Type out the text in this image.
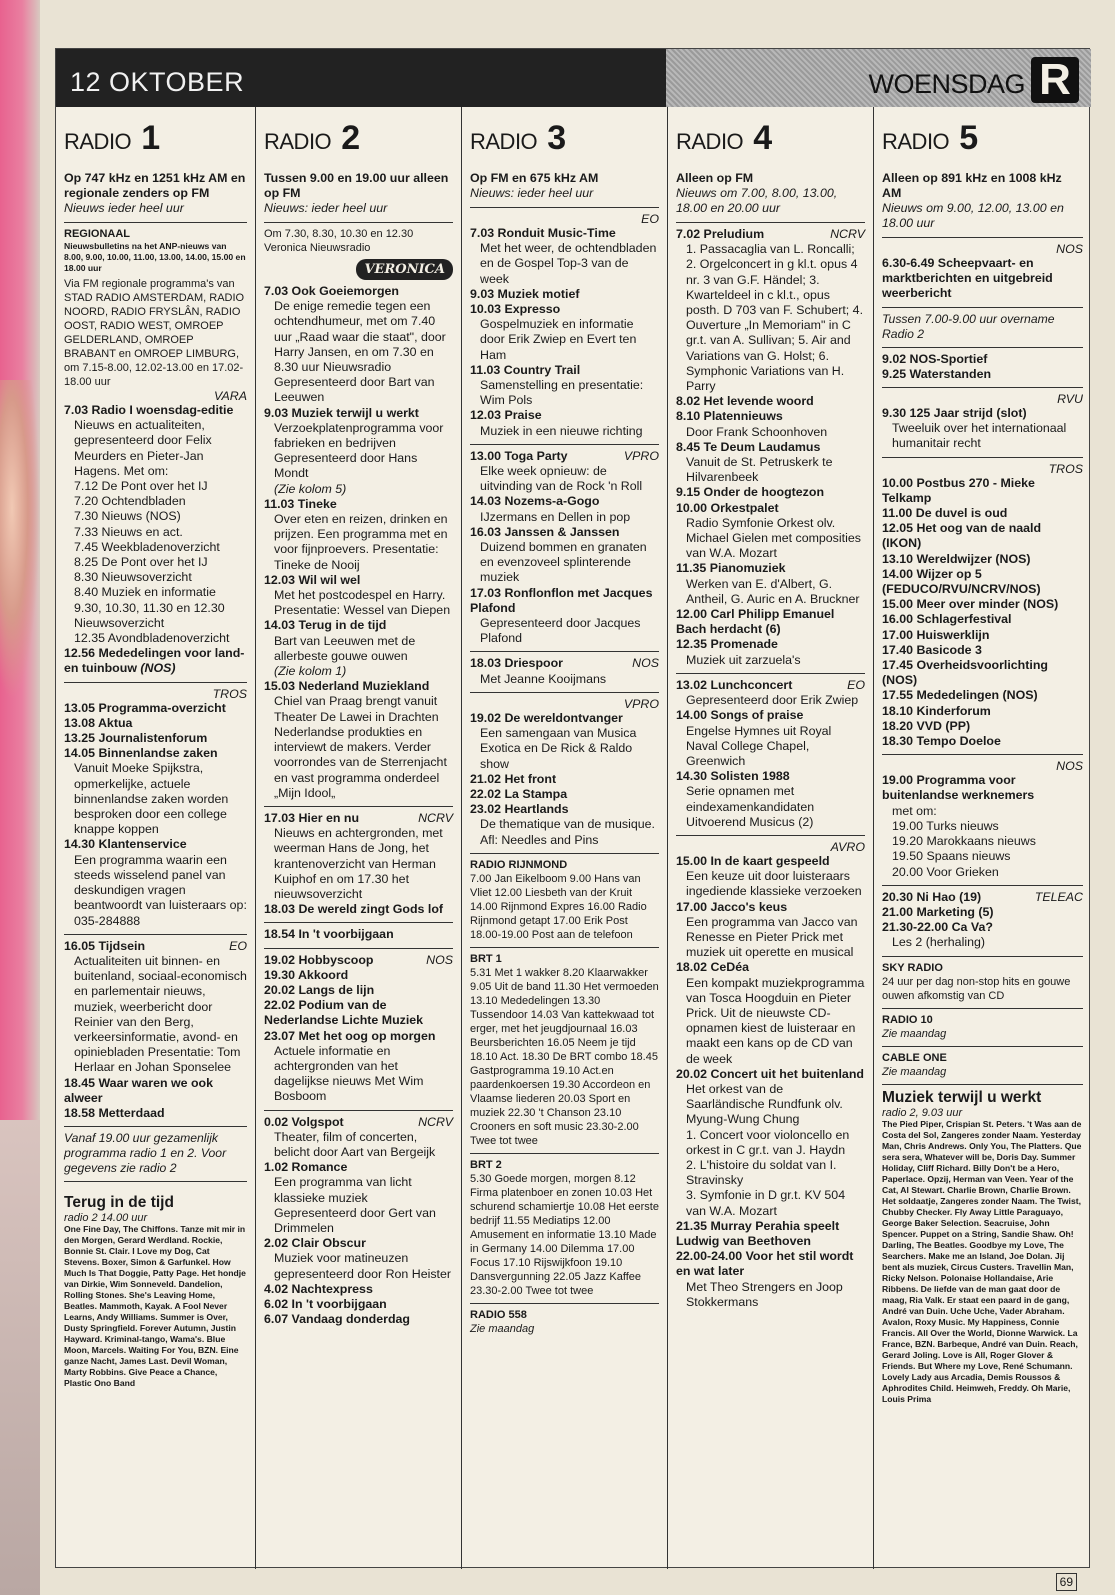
12 OKTOBER	WOENSDAG R
RADIO 1
Op 747 kHz en 1251 kHz AM en regionale zenders op FM
Nieuws ieder heel uur
REGIONAAL
Nieuwsbulletins na het ANP-nieuws van 8.00, 9.00, 10.00, 11.00, 13.00, 14.00, 15.00 en 18.00 uur
Via FM regionale programma's van STAD RADIO AMSTERDAM, RADIO NOORD, RADIO FRYSLÂN, RADIO OOST, RADIO WEST, OMROEP GELDERLAND, OMROEP BRABANT en OMROEP LIMBURG, om 7.15-8.00, 12.02-13.00 en 17.02-18.00 uur
VARA
7.03 Radio I woensdag-editie
Nieuws en actualiteiten, gepresenteerd door Felix Meurders en Pieter-Jan Hagens. Met om:
7.12 De Pont over het IJ
7.20 Ochtendbladen
7.30 Nieuws (NOS)
7.33 Nieuws en act.
7.45 Weekbladenoverzicht
8.25 De Pont over het IJ
8.30 Nieuwsoverzicht
8.40 Muziek en informatie
9.30, 10.30, 11.30 en 12.30 Nieuwsoverzicht
12.35 Avondbladenoverzicht
12.56 Mededelingen voor land- en tuinbouw (NOS)
TROS
13.05 Programma-overzicht
13.08 Aktua
13.25 Journalistenforum
14.05 Binnenlandse zaken
Vanuit Moeke Spijkstra, opmerkelijke, actuele binnenlandse zaken worden besproken door een college knappe koppen
14.30 Klantenservice
Een programma waarin een steeds wisselend panel van deskundigen vragen beantwoordt van luisteraars op: 035-284888
EO
16.05 Tijdsein
Actualiteiten uit binnen- en buitenland, sociaal-economisch en parlementair nieuws, muziek, weerbericht door Reinier van den Berg, verkeersinformatie, avond- en opiniebladen Presentatie: Tom Herlaar en Johan Sponselee
18.45 Waar waren we ook alweer
18.58 Metterdaad
Vanaf 19.00 uur gezamenlijk programma radio 1 en 2. Voor gegevens zie radio 2
Terug in de tijd
radio 2 14.00 uur
One Fine Day, The Chiffons. Tanze mit mir in den Morgen, Gerard Werdland. Rockie, Bonnie St. Clair. I Love my Dog, Cat Stevens. Boxer, Simon & Garfunkel. How Much Is That Doggie, Patty Page. Het hondje van Dirkie, Wim Sonneveld. Dandelion, Rolling Stones. She's Leaving Home, Beatles. Mammoth, Kayak. A Fool Never Learns, Andy Williams. Summer is Over, Dusty Springfield. Forever Autumn, Justin Hayward. Kriminal-tango, Wama's. Blue Moon, Marcels. Waiting For You, BZN. Eine ganze Nacht, James Last. Devil Woman, Marty Robbins. Give Peace a Chance, Plastic Ono Band
RADIO 2
Tussen 9.00 en 19.00 uur alleen op FM
Nieuws: ieder heel uur
Om 7.30, 8.30, 10.30 en 12.30 Veronica Nieuwsradio
VERONICA
7.03 Ook Goeiemorgen
De enige remedie tegen een ochtendhumeur, met om 7.40 uur „Raad waar die staat", door Harry Jansen, en om 7.30 en 8.30 uur Nieuwsradio Gepresenteerd door Bart van Leeuwen
9.03 Muziek terwijl u werkt
Verzoekplatenprogramma voor fabrieken en bedrijven Gepresenteerd door Hans Mondt
(Zie kolom 5)
11.03 Tineke
Over eten en reizen, drinken en prijzen. Een programma met en voor fijnproevers. Presentatie: Tineke de Nooij
12.03 Wil wil wel
Met het postcodespel en Harry. Presentatie: Wessel van Diepen
14.03 Terug in de tijd
Bart van Leeuwen met de allerbeste gouwe ouwen
(Zie kolom 1)
15.03 Nederland Muziekland
Chiel van Praag brengt vanuit Theater De Lawei in Drachten Nederlandse produkties en interviewt de makers. Verder voorrondes van de Sterrenjacht en vast programma onderdeel „Mijn Idool„
NCRV
17.03 Hier en nu
Nieuws en achtergronden, met weerman Hans de Jong, het krantenoverzicht van Herman Kuiphof en om 17.30 het nieuwsoverzicht
18.03 De wereld zingt Gods lof
18.54 In 't voorbijgaan
NOS
19.02 Hobbyscoop
19.30 Akkoord
20.02 Langs de lijn
22.02 Podium van de Nederlandse Lichte Muziek
23.07 Met het oog op morgen
Actuele informatie en achtergronden van het dagelijkse nieuws Met Wim Bosboom
NCRV
0.02 Volgspot
Theater, film of concerten, belicht door Aart van Bergeijk
1.02 Romance
Een programma van licht klassieke muziek Gepresenteerd door Gert van Drimmelen
2.02 Clair Obscur
Muziek voor matineuzen gepresenteerd door Ron Heister
4.02 Nachtexpress
6.02 In 't voorbijgaan
6.07 Vandaag donderdag
RADIO 3
Op FM en 675 kHz AM
Nieuws: ieder heel uur
EO
7.03 Ronduit Music-Time
Met het weer, de ochtendbladen en de Gospel Top-3 van de week
9.03 Muziek motief
10.03 Expresso
Gospelmuziek en informatie door Erik Zwiep en Evert ten Ham
11.03 Country Trail
Samenstelling en presentatie: Wim Pols
12.03 Praise
Muziek in een nieuwe richting
VPRO
13.00 Toga Party
Elke week opnieuw: de uitvinding van de Rock 'n Roll
14.03 Nozems-a-Gogo
IJzermans en Dellen in pop
16.03 Janssen & Janssen
Duizend bommen en granaten en evenzoveel splinterende muziek
17.03 Ronflonflon met Jacques Plafond
Gepresenteerd door Jacques Plafond
NOS
18.03 Driespoor
Met Jeanne Kooijmans
VPRO
19.02 De wereldontvanger
Een samengaan van Musica Exotica en De Rick & Raldo show
21.02 Het front
22.02 La Stampa
23.02 Heartlands
De thematique van de musique. Afl: Needles and Pins
RADIO RIJNMOND
7.00 Jan Eikelboom 9.00 Hans van Vliet 12.00 Liesbeth van der Kruit 14.00 Rijnmond Expres 16.00 Radio Rijnmond getapt 17.00 Erik Post 18.00-19.00 Post aan de telefoon
BRT 1
5.31 Met 1 wakker 8.20 Klaarwakker 9.05 Uit de band 11.30 Het vermoeden 13.10 Mededelingen 13.30 Tussendoor 14.03 Van kattekwaad tot erger, met het jeugdjournaal 16.03 Beursberichten 16.05 Neem je tijd 18.10 Act. 18.30 De BRT combo 18.45 Gastprogramma 19.10 Act.en paardenkoersen 19.30 Accordeon en Vlaamse liederen 20.03 Sport en muziek 22.30 't Chanson 23.10 Crooners en soft music 23.30-2.00 Twee tot twee
BRT 2
5.30 Goede morgen, morgen 8.12 Firma platenboer en zonen 10.03 Het schurend schamiertje 10.08 Het eerste bedrijf 11.55 Mediatips 12.00 Amusement en informatie 13.10 Made in Germany 14.00 Dilemma 17.00 Focus 17.10 Rijswijkfoon 19.10 Dansvergunning 22.05 Jazz Kaffee 23.30-2.00 Twee tot twee
RADIO 558
Zie maandag
RADIO 4
Alleen op FM
Nieuws om 7.00, 8.00, 13.00, 18.00 en 20.00 uur
NCRV
7.02 Preludium
1. Passacaglia van L. Roncalli; 2. Orgelconcert in g kl.t. opus 4 nr. 3 van G.F. Händel; 3. Kwarteldeel in c kl.t., opus posth. D 703 van F. Schubert; 4. Ouverture „In Memoriam" in C gr.t. van A. Sullivan; 5. Air and Variations van G. Holst; 6. Symphonic Variations van H. Parry
8.02 Het levende woord
8.10 Platennieuws
Door Frank Schoonhoven
8.45 Te Deum Laudamus
Vanuit de St. Petruskerk te Hilvarenbeek
9.15 Onder de hoogtezon
10.00 Orkestpalet
Radio Symfonie Orkest olv. Michael Gielen met composities van W.A. Mozart
11.35 Pianomuziek
Werken van E. d'Albert, G. Antheil, G. Auric en A. Bruckner
12.00 Carl Philipp Emanuel Bach herdacht (6)
12.35 Promenade
Muziek uit zarzuela's
EO
13.02 Lunchconcert
Gepresenteerd door Erik Zwiep
14.00 Songs of praise
Engelse Hymnes uit Royal Naval College Chapel, Greenwich
14.30 Solisten 1988
Serie opnamen met eindexamenkandidaten Uitvoerend Musicus (2)
AVRO
15.00 In de kaart gespeeld
Een keuze uit door luisteraars ingediende klassieke verzoeken
17.00 Jacco's keus
Een programma van Jacco van Renesse en Pieter Prick met muziek uit operette en musical
18.02 CeDéa
Een kompakt muziekprogramma van Tosca Hoogduin en Pieter Prick. Uit de nieuwste CD-opnamen kiest de luisteraar en maakt een kans op de CD van de week
20.02 Concert uit het buitenland
Het orkest van de Saarländische Rundfunk olv. Myung-Wung Chung
1. Concert voor violoncello en orkest in C gr.t. van J. Haydn
2. L'histoire du soldat van I. Stravinsky
3. Symfonie in D gr.t. KV 504 van W.A. Mozart
21.35 Murray Perahia speelt Ludwig van Beethoven
22.00-24.00 Voor het stil wordt en wat later
Met Theo Strengers en Joop Stokkermans
RADIO 5
Alleen op 891 kHz en 1008 kHz AM
Nieuws om 9.00, 12.00, 13.00 en 18.00 uur
NOS
6.30-6.49 Scheepvaart- en marktberichten en uitgebreid weerbericht
Tussen 7.00-9.00 uur overname Radio 2
9.02 NOS-Sportief
9.25 Waterstanden
RVU
9.30 125 Jaar strijd (slot)
Tweeluik over het internationaal humanitair recht
TROS
10.00 Postbus 270 - Mieke Telkamp
11.00 De duvel is oud
12.05 Het oog van de naald (IKON)
13.10 Wereldwijzer (NOS)
14.00 Wijzer op 5 (FEDUCO/RVU/NCRV/NOS)
15.00 Meer over minder (NOS)
16.00 Schlagerfestival
17.00 Huiswerklijn
17.40 Basicode 3
17.45 Overheidsvoorlichting (NOS)
17.55 Mededelingen (NOS)
18.10 Kinderforum
18.20 VVD (PP)
18.30 Tempo Doeloe
NOS
19.00 Programma voor buitenlandse werknemers
met om:
19.00 Turks nieuws
19.20 Marokkaans nieuws
19.50 Spaans nieuws
20.00 Voor Grieken
TELEAC
20.30 Ni Hao (19)
21.00 Marketing (5)
21.30-22.00 Ca Va?
Les 2 (herhaling)
SKY RADIO
24 uur per dag non-stop hits en gouwe ouwen afkomstig van CD
RADIO 10
Zie maandag
CABLE ONE
Zie maandag
Muziek terwijl u werkt
radio 2, 9.03 uur
The Pied Piper, Crispian St. Peters. 't Was aan de Costa del Sol, Zangeres zonder Naam. Yesterday Man, Chris Andrews. Only You, The Platters. Que sera sera, Whatever will be, Doris Day. Summer Holiday, Cliff Richard. Billy Don't be a Hero, Paperlace. Opzij, Herman van Veen. Year of the Cat, Al Stewart. Charlie Brown, Charlie Brown. Het soldaatje, Zangeres zonder Naam. The Twist, Chubby Checker. Fly Away Little Paraguayo, George Baker Selection. Seacruise, John Spencer. Puppet on a String, Sandie Shaw. Oh! Darling, The Beatles. Goodbye my Love, The Searchers. Make me an Island, Joe Dolan. Jij bent als muziek, Circus Custers. Travellin Man, Ricky Nelson. Polonaise Hollandaise, Arie Ribbens. De liefde van de man gaat door de maag, Ria Valk. Er staat een paard in de gang, André van Duin. Uche Uche, Vader Abraham. Avalon, Roxy Music. My Happiness, Connie Francis. All Over the World, Dionne Warwick. La France, BZN. Barbeque, André van Duin. Reach, Gerard Joling. Love is All, Roger Glover & Friends. But Where my Love, René Schumann. Lovely Lady aus Arcadia, Demis Roussos & Aphrodites Child. Heimweh, Freddy. Oh Marie, Louis Prima
69
